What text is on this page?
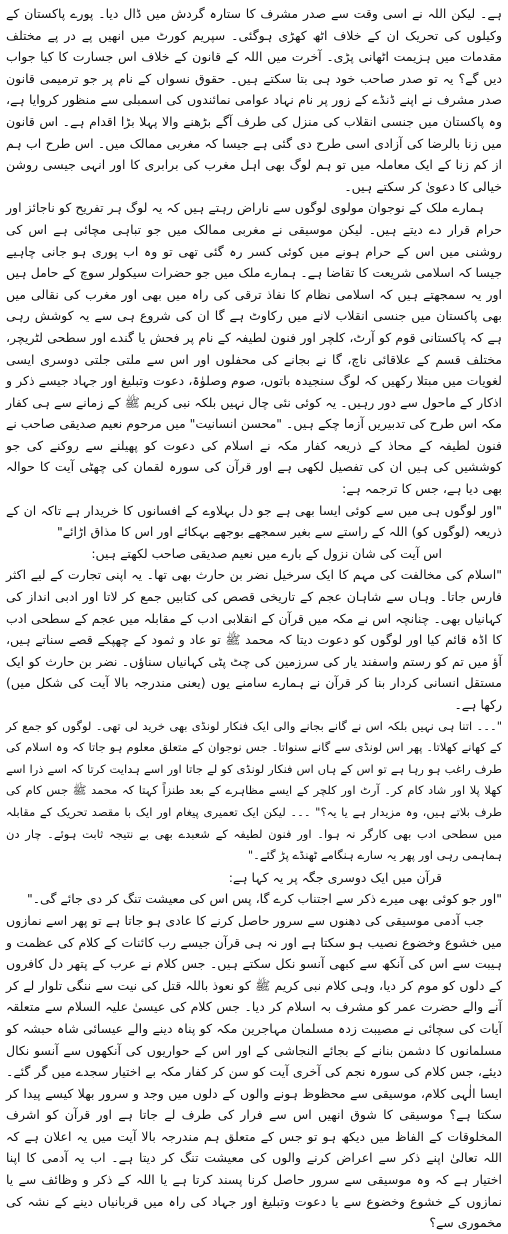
ہے۔ لیکن اللہ نے اسی وقت سے صدر مشرف کا ستارہ گردش میں ڈال دیا۔ پورے پاکستان کے وکیلوں کی تحریک ان کے خلاف اٹھ کھڑی ہوگئی۔ سپریم کورٹ میں انھیں پے در پے مختلف مقدمات میں ہزیمت اٹھانی پڑی۔ آخرت میں اللہ کے قانون کے خلاف اس جسارت کا کیا جواب دیں گے؟ یہ تو صدر صاحب خود ہی بتا سکتے ہیں۔ حقوق نسواں کے نام پر جو ترمیمی قانون صدر مشرف نے اپنے ڈنڈے کے زور پر نام نہاد عوامی نمائندوں کی اسمبلی سے منظور کروایا ہے، وہ پاکستان میں جنسی انقلاب کی منزل کی طرف آگے بڑھنے والا پہلا بڑا اقدام ہے۔ اس قانون میں زنا بالرضا کی آزادی اسی طرح دی گئی ہے جیسا کہ مغربی ممالک میں۔ اس طرح اب ہم از کم زنا کے ایک معاملہ میں تو ہم لوگ بھی اہل مغرب کی برابری کا اور انہی جیسی روشن خیالی کا دعویٰ کر سکتے ہیں۔

ہمارے ملک کے نوجوان مولوی لوگوں سے ناراض رہتے ہیں کہ یہ لوگ ہر تفریح کو ناجائز اور حرام قرار دے دیتے ہیں۔ لیکن موسیقی نے مغربی ممالک میں جو تباہی مچائی ہے اس کی روشنی میں اس کے حرام ہونے میں کوئی کسر رہ گئی تھی تو وہ اب پوری ہو جانی چاہیے جیسا کہ اسلامی شریعت کا تقاضا ہے۔ ہمارے ملک میں جو حضرات سیکولر سوچ کے حامل ہیں اور یہ سمجھتے ہیں کہ اسلامی نظام کا نفاذ ترقی کی راہ میں بھی اور مغرب کی نقالی میں بھی پاکستان میں جنسی انقلاب لانے میں رکاوٹ ہے گا ان کی شروع ہی سے یہ کوشش رہی ہے کہ پاکستانی قوم کو آرٹ، کلچر اور فنون لطیفہ کے نام پر فحش یا گندے اور سطحی لٹریچر، مختلف قسم کے علاقائی ناچ، گا نے بجانے کی محفلوں اور اس سے ملتی جلتی دوسری ایسی لغویات میں مبتلا رکھیں کہ لوگ سنجیدہ باتوں، صوم وصلوٰۃ، دعوت وتبلیغ اور جہاد جیسے ذکر و اذکار کے ماحول سے دور رہیں۔ یہ کوئی نئی چال نہیں بلکہ نبی کریم ﷺ کے زمانے سے ہی کفار مکہ اس طرح کی تدبیریں آزما چکے ہیں۔ "محسن انسانیت" میں مرحوم نعیم صدیقی صاحب نے فنون لطیفہ کے محاذ کے ذریعہ کفار مکہ نے اسلام کی دعوت کو پھیلنے سے روکنے کی جو کوششیں کی ہیں ان کی تفصیل لکھی ہے اور قرآن کی سورہ لقمان کی چھٹی آیت کا حوالہ بھی دیا ہے، جس کا ترجمہ ہے:

"اور لوگوں ہی میں سے کوئی ایسا بھی ہے جو دل بہلاوے کے افسانوں کا خریدار ہے تاکہ ان کے ذریعہ (لوگوں کو) اللہ کے راستے سے بغیر سمجھے بوجھے بہکائے اور اس کا مذاق اڑائے"

اس آیت کی شان نزول کے بارے میں نعیم صدیقی صاحب لکھتے ہیں:

"اسلام کی مخالفت کی مہم کا ایک سرخیل نضر بن حارث بھی تھا۔ یہ اپنی تجارت کے لیے اکثر فارس جاتا۔ وہاں سے شاہان عجم کے تاریخی قصص کی کتابیں جمع کر لاتا اور ادبی انداز کی کہانیاں بھی۔ چنانچہ اس نے مکہ میں قرآن کے انقلابی ادب کے مقابلہ میں عجم کے سطحی ادب کا اڈہ قائم کیا اور لوگوں کو دعوت دیتا کہ محمد ﷺ تو عاد و ثمود کے چھپکے قصے سناتے ہیں، آؤ میں تم کو رستم واسفند یار کی سرزمین کی چٹ پٹی کہانیاں سناؤں۔ نضر بن حارث کو ایک مستقل انسانی کردار بنا کر قرآن نے ہمارے سامنے یوں (یعنی مندرجہ بالا آیت کی شکل میں) رکھا ہے۔

"۔۔۔ اتنا ہی نہیں بلکہ اس نے گانے بجانے والی ایک فنکار لونڈی بھی خرید لی تھی۔ لوگوں کو جمع کر کے کھانے کھلاتا۔ پھر اس لونڈی سے گانے سنواتا۔ جس نوجوان کے متعلق معلوم ہو جاتا کہ وہ اسلام کی طرف راغب ہو رہا ہے تو اس کے ہاں اس فنکار لونڈی کو لے جاتا اور اسے ہدایت کرتا کہ اسے ذرا اسے کھلا پلا اور شاد کام کر۔ آرٹ اور کلچر کے ایسے مظاہرے کے بعد طنزاً کہتا کہ محمد ﷺ جس کام کی طرف بلاتے ہیں، وہ مزیدار ہے یا یہ؟" ۔۔۔ لیکن ایک تعمیری پیغام اور ایک با مقصد تحریک کے مقابلہ میں سطحی ادب بھی کارگر نہ ہوا۔ اور فنون لطیفہ کے شعبدے بھی بے نتیجہ ثابت ہوئے۔ چار دن ہماہمی رہی اور پھر یہ سارے ہنگامے ٹھنڈے پڑ گئے۔"

قرآن میں ایک دوسری جگہ پر یہ کہا ہے:

"اور جو کوئی بھی میرے ذکر سے اجتناب کرے گا، پس اس کی معیشت تنگ کر دی جائے گی۔"

جب آدمی موسیقی کی دھنوں سے سرور حاصل کرنے کا عادی ہو جاتا ہے تو پھر اسے نمازوں میں خشوع وخضوع نصیب ہو سکتا ہے اور نہ ہی قرآن جیسے رب کائنات کے کلام کی عظمت و ہیبت سے اس کی آنکھ سے کبھی آنسو نکل سکتے ہیں۔ جس کلام نے عرب کے پتھر دل کافروں کے دلوں کو موم کر دیا، وہی کلام نبی کریم ﷺ کو نعوذ باللہ قتل کی نیت سے ننگی تلوار لے کر آنے والے حضرت عمر کو مشرف بہ اسلام کر دیا۔ جس کلام کی عیسیٰ علیہ السلام سے متعلقہ آیات کی سچائی نے مصیبت زدہ مسلمان مہاجرین مکہ کو پناہ دینے والے عیسائی شاہ حبشہ کو مسلمانوں کا دشمن بنانے کے بجائے النجاشی کے اور اس کے حواریوں کی آنکھوں سے آنسو نکال دیئے، جس کلام کی سورہ نجم کی آخری آیت کو سن کر کفار مکہ بے اختیار سجدے میں گر گئے۔ ایسا الٰہی کلام، موسیقی سے محظوظ ہونے والوں کے دلوں میں وجد و سرور بھلا کیسے پیدا کر سکتا ہے؟ موسیقی کا شوق انھیں اس سے فرار کی طرف لے جاتا ہے اور قرآن کو اشرف المخلوقات کے الفاظ میں دیکھ ہو تو جس کے متعلق ہم مندرجہ بالا آیت میں یہ اعلان ہے کہ اللہ تعالیٰ اپنے ذکر سے اعراض کرنے والوں کی معیشت تنگ کر دیتا ہے۔ اب یہ آدمی کا اپنا اختیار ہے کہ وہ موسیقی سے سرور حاصل کرنا پسند کرتا ہے یا اللہ کے ذکر و وظائف سے یا نمازوں کے خشوع وخضوع سے یا دعوت وتبلیغ اور جہاد کی راہ میں قربانیاں دینے کے نشہ کی مخموری سے؟
